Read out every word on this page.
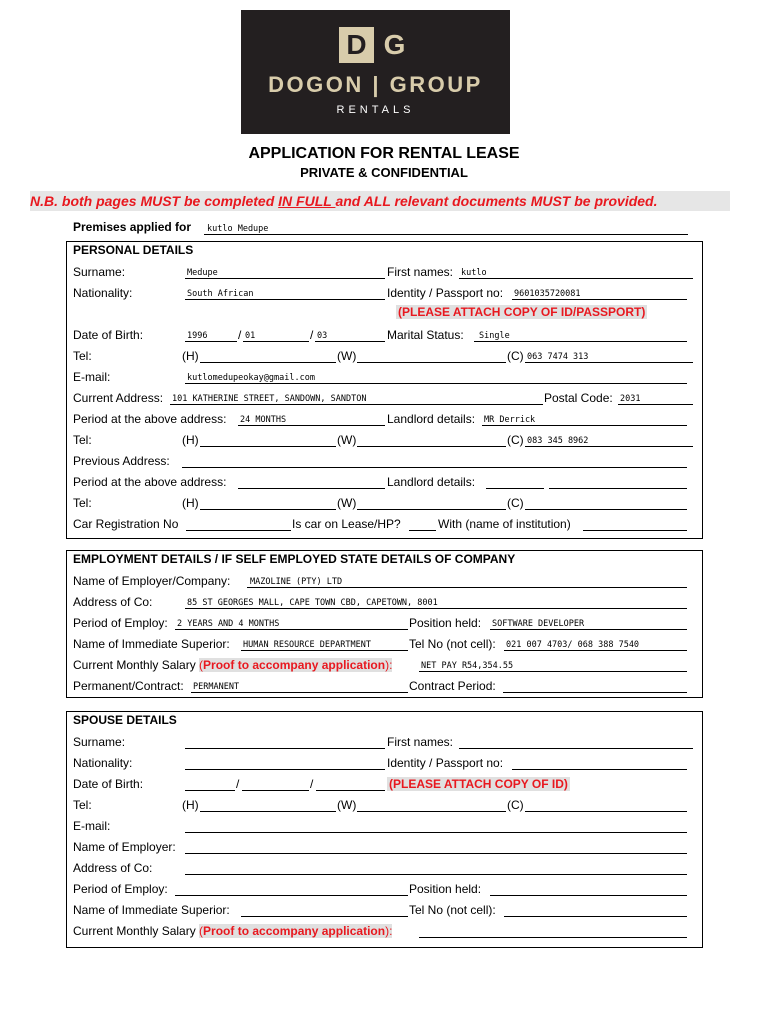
D G
DOGON | GROUP
RENTALS
APPLICATION FOR RENTAL LEASE
PRIVATE & CONFIDENTIAL
N.B. both pages MUST be completed IN FULL and ALL relevant documents MUST be provided.
Premises applied for kutlo Medupe
PERSONAL DETAILS
Surname:	Medupe	First names: kutlo
Nationality:	South African	Identity / Passport no: 9601035720081
(PLEASE ATTACH COPY OF ID/PASSPORT)
Date of Birth:	1996	/ 01	/ 03	Marital Status: Single
Tel:	(H)	(W)	(C) 063 7474 313
E-mail:	kutlomedupeokay@gmail.com
Current Address: 101 KATHERINE STREET, SANDOWN, SANDTON	Postal Code: 2031
Period at the above address: 24 MONTHS	Landlord details: MR Derrick
Tel:	(H)	(W)	(C) 083 345 8962
Previous Address:
Period at the above address:	Landlord details:
Tel:	(H)	(W)	(C)
Car Registration No	Is car on Lease/HP?	With (name of institution)
EMPLOYMENT DETAILS / IF SELF EMPLOYED STATE DETAILS OF COMPANY
Name of Employer/Company: MAZOLINE (PTY) LTD
Address of Co:	85 ST GEORGES MALL, CAPE TOWN CBD, CAPETOWN, 8001
Period of Employ: 2 YEARS AND 4 MONTHS	Position held: SOFTWARE DEVELOPER
Name of Immediate Superior: HUMAN RESOURCE DEPARTMENT	Tel No (not cell): 021 007 4703/ 068 388 7540
Current Monthly Salary (Proof to accompany application):	NET PAY R54,354.55
Permanent/Contract: PERMANENT	Contract Period:
SPOUSE DETAILS
Surname:	First names:
Nationality:	Identity / Passport no:
Date of Birth:	/	/	(PLEASE ATTACH COPY OF ID)
Tel:	(H)	(W)	(C)
E-mail:
Name of Employer:
Address of Co:
Period of Employ:	Position held:
Name of Immediate Superior:	Tel No (not cell):
Current Monthly Salary (Proof to accompany application):
